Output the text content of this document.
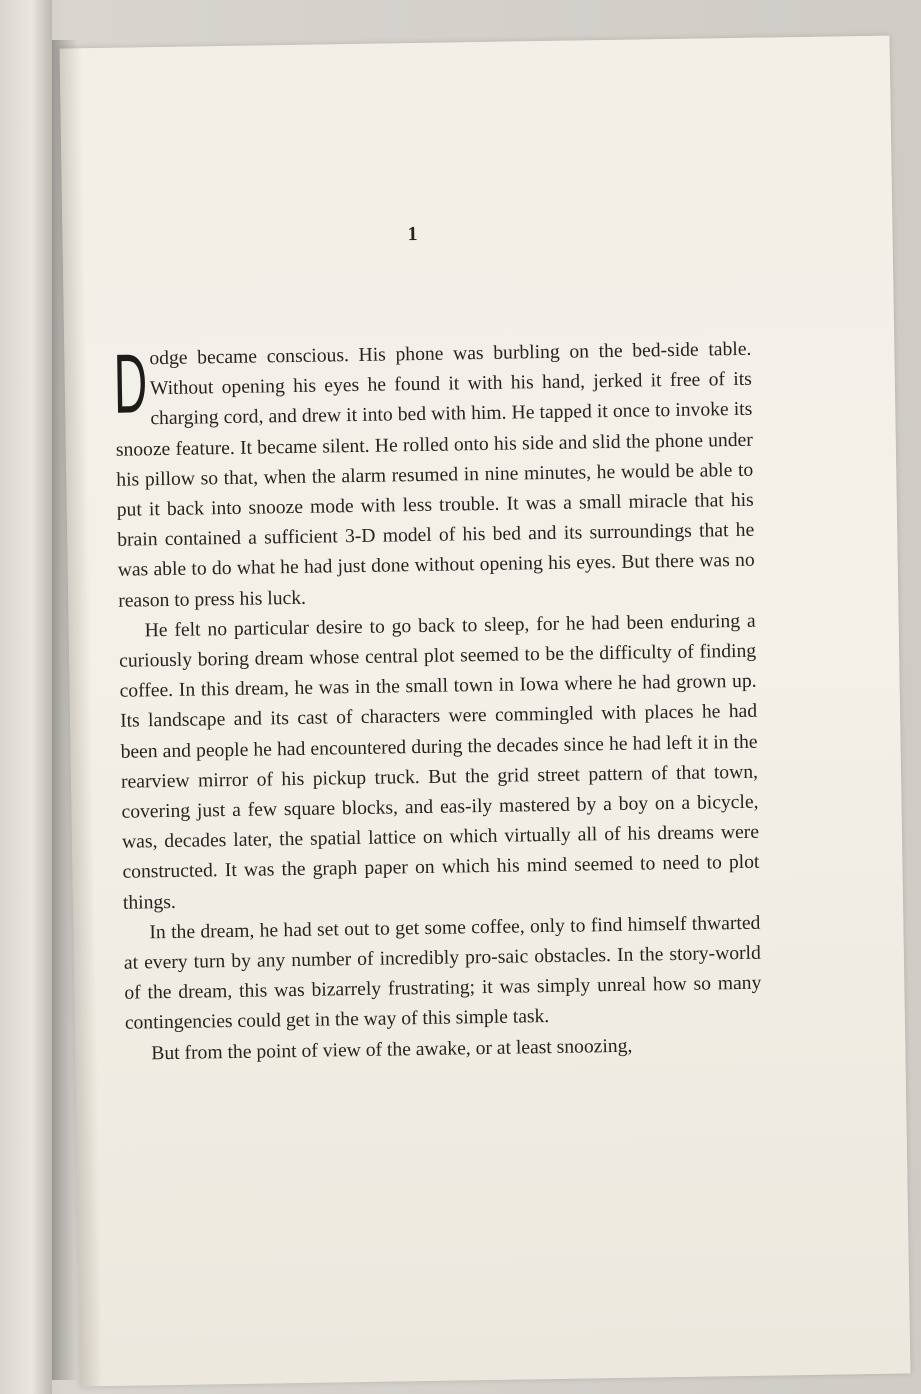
1

Dodge became conscious. His phone was burbling on the bed-side table. Without opening his eyes he found it with his hand, jerked it free of its charging cord, and drew it into bed with him. He tapped it once to invoke its snooze feature. It became silent. He rolled onto his side and slid the phone under his pillow so that, when the alarm resumed in nine minutes, he would be able to put it back into snooze mode with less trouble. It was a small miracle that his brain contained a sufficient 3-D model of his bed and its surroundings that he was able to do what he had just done without opening his eyes. But there was no reason to press his luck.

He felt no particular desire to go back to sleep, for he had been enduring a curiously boring dream whose central plot seemed to be the difficulty of finding coffee. In this dream, he was in the small town in Iowa where he had grown up. Its landscape and its cast of characters were commingled with places he had been and people he had encountered during the decades since he had left it in the rearview mirror of his pickup truck. But the grid street pattern of that town, covering just a few square blocks, and eas-ily mastered by a boy on a bicycle, was, decades later, the spatial lattice on which virtually all of his dreams were constructed. It was the graph paper on which his mind seemed to need to plot things.

In the dream, he had set out to get some coffee, only to find himself thwarted at every turn by any number of incredibly pro-saic obstacles. In the story-world of the dream, this was bizarrely frustrating; it was simply unreal how so many contingencies could get in the way of this simple task.

But from the point of view of the awake, or at least snoozing,
